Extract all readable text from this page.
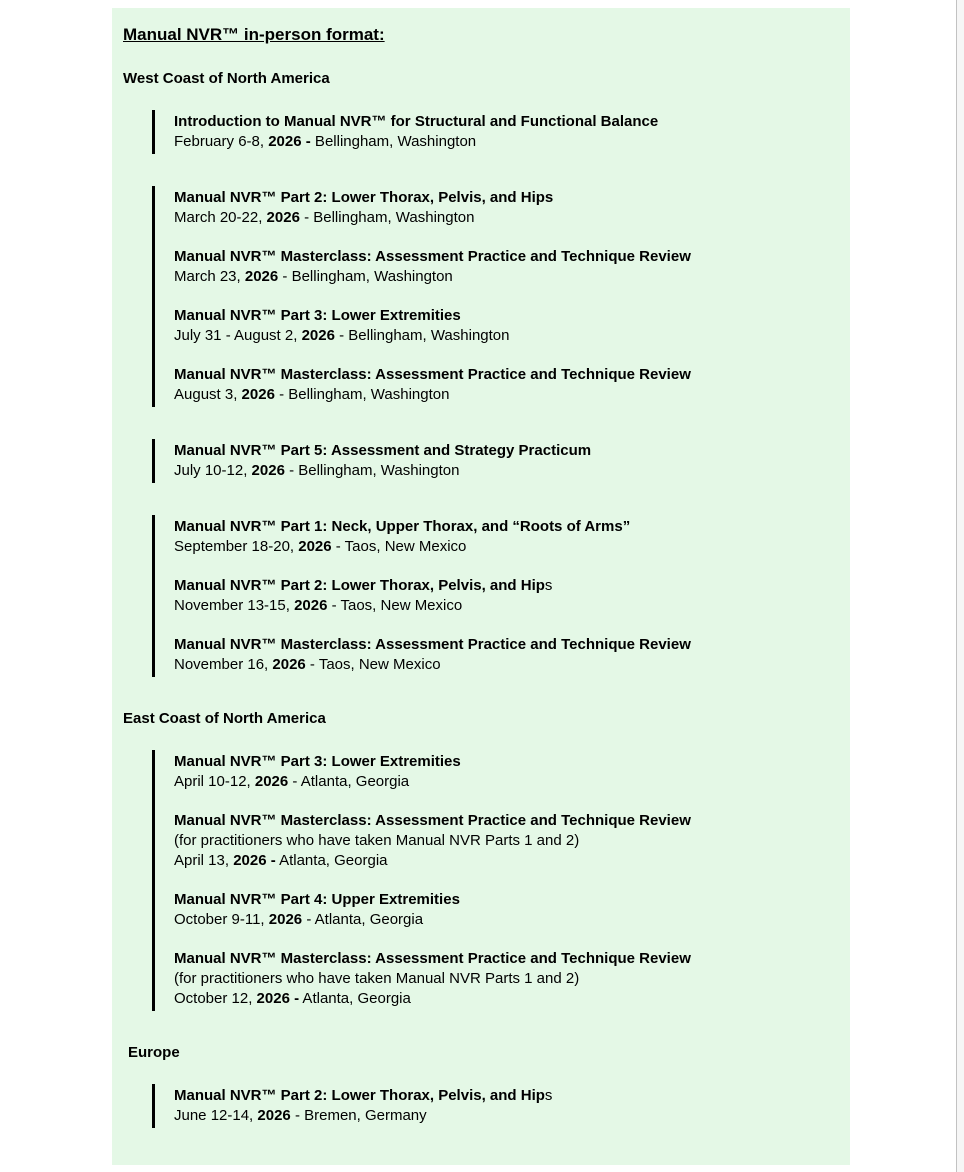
Manual NVR™ in-person format:
West Coast of North America
Introduction to Manual NVR™ for Structural and Functional Balance
February 6-8, 2026 - Bellingham, Washington
Manual NVR™ Part 2: Lower Thorax, Pelvis, and Hips
March 20-22, 2026 - Bellingham, Washington
Manual NVR™ Masterclass: Assessment Practice and Technique Review
March 23, 2026 - Bellingham, Washington
Manual NVR™ Part 3: Lower Extremities
July 31 - August 2, 2026 - Bellingham, Washington
Manual NVR™ Masterclass: Assessment Practice and Technique Review
August 3, 2026 - Bellingham, Washington
Manual NVR™ Part 5: Assessment and Strategy Practicum
July 10-12, 2026 - Bellingham, Washington
Manual NVR™ Part 1: Neck, Upper Thorax, and “Roots of Arms”
September 18-20, 2026 - Taos, New Mexico
Manual NVR™ Part 2: Lower Thorax, Pelvis, and Hips
November 13-15, 2026 - Taos, New Mexico
Manual NVR™ Masterclass: Assessment Practice and Technique Review
November 16, 2026 - Taos, New Mexico
East Coast of North America
Manual NVR™ Part 3: Lower Extremities
April 10-12, 2026 - Atlanta, Georgia
Manual NVR™ Masterclass: Assessment Practice and Technique Review
(for practitioners who have taken Manual NVR Parts 1 and 2)
April 13, 2026 - Atlanta, Georgia
Manual NVR™ Part 4: Upper Extremities
October 9-11, 2026 - Atlanta, Georgia
Manual NVR™ Masterclass: Assessment Practice and Technique Review
(for practitioners who have taken Manual NVR Parts 1 and 2)
October 12, 2026 - Atlanta, Georgia
Europe
Manual NVR™ Part 2: Lower Thorax, Pelvis, and Hips
June 12-14, 2026 - Bremen, Germany
